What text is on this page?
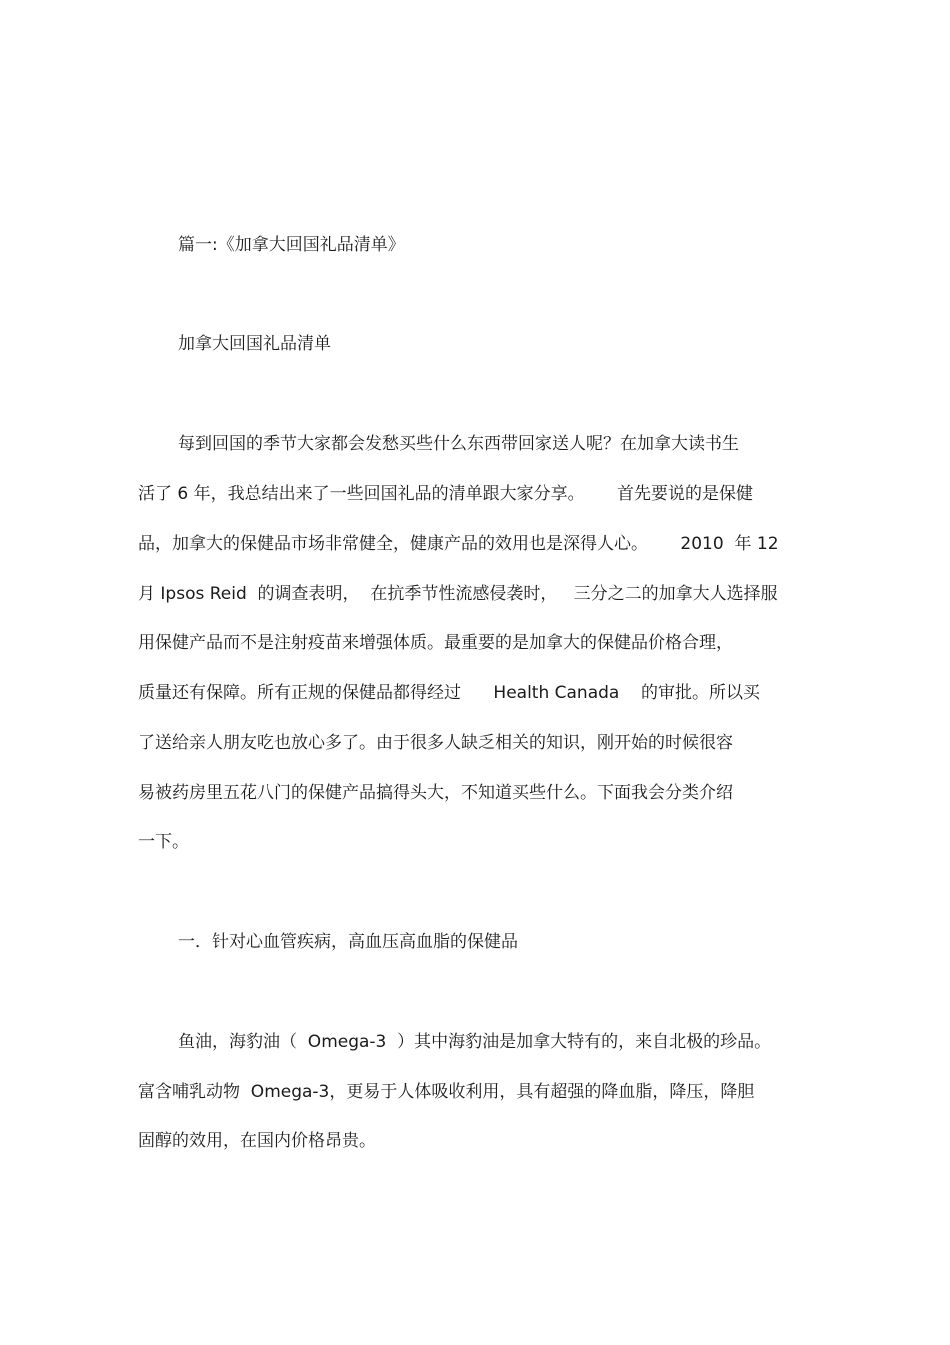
篇一:《加拿大回国礼品清单》

加拿大回国礼品清单

每到回国的季节大家都会发愁买些什么东西带回家送人呢？在加拿大读书生

活了 6 年，我总结出来了一些回国礼品的清单跟大家分享。      首先要说的是保健

品，加拿大的保健品市场非常健全，健康产品的效用也是深得人心。      2010  年 12

月 Ipsos Reid  的调查表明，  在抗季节性流感侵袭时，   三分之二的加拿大人选择服

用保健产品而不是注射疫苗来增强体质。最重要的是加拿大的保健品价格合理，

质量还有保障。所有正规的保健品都得经过      Health Canada    的审批。所以买

了送给亲人朋友吃也放心多了。由于很多人缺乏相关的知识，刚开始的时候很容

易被药房里五花八门的保健产品搞得头大，不知道买些什么。下面我会分类介绍

一下。

一．针对心血管疾病，高血压高血脂的保健品

鱼油，海豹油（  Omega-3  ）其中海豹油是加拿大特有的，来自北极的珍品。

富含哺乳动物  Omega-3，更易于人体吸收利用，具有超强的降血脂，降压，降胆

固醇的效用，在国内价格昂贵。
